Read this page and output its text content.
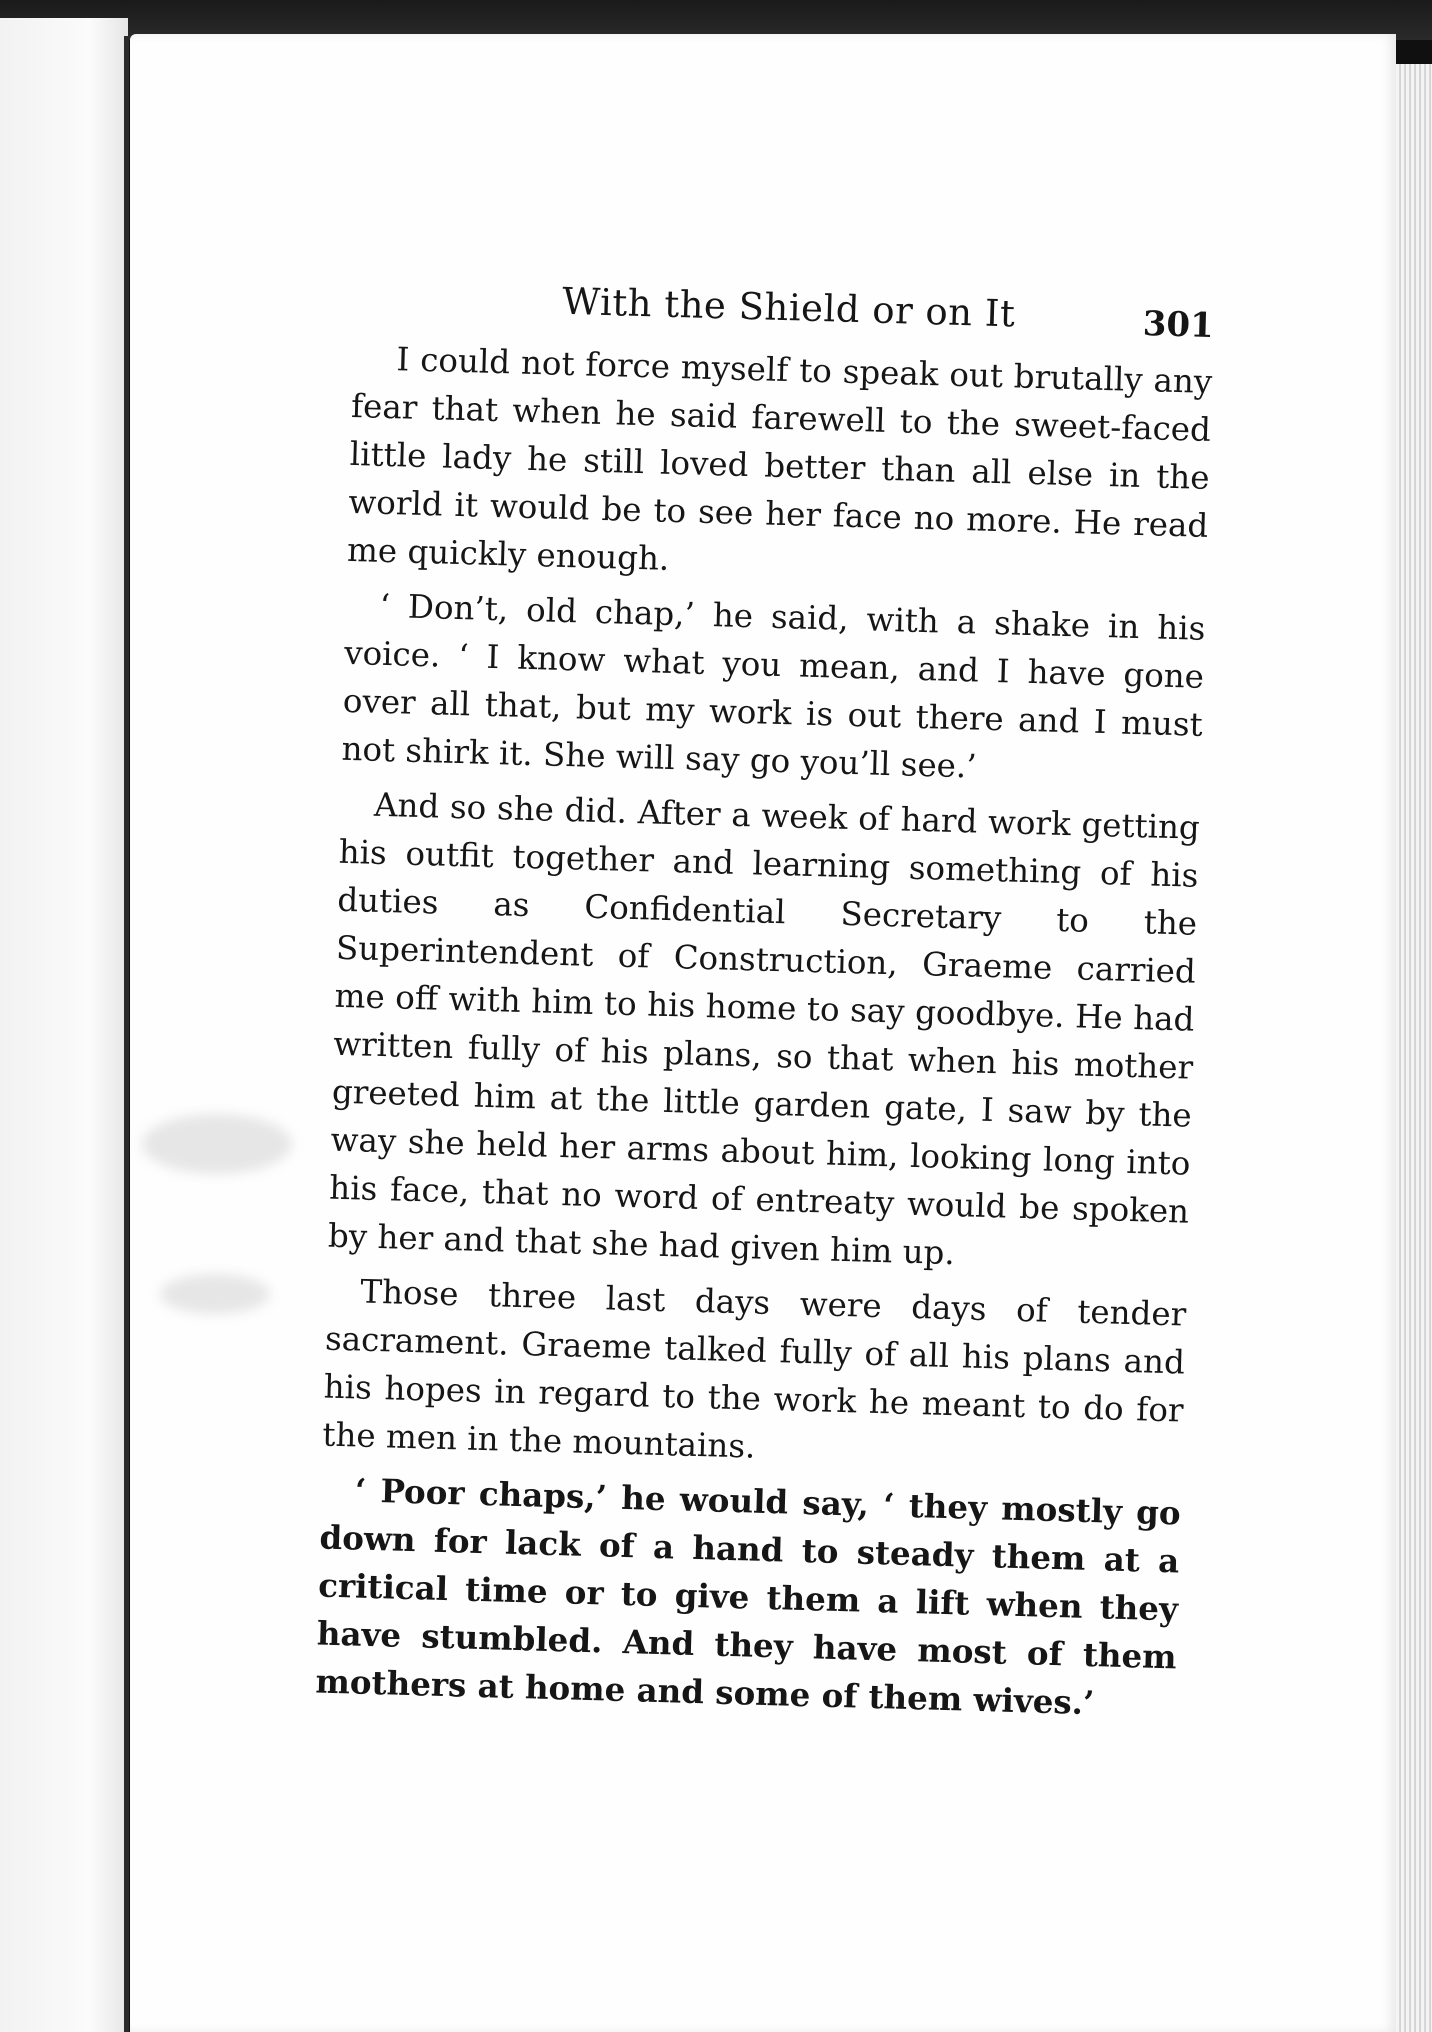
With the Shield or on It	301

I could not force myself to speak out brutally any fear that when he said farewell to the sweet-faced little lady he still loved better than all else in the world it would be to see her face no more. He read me quickly enough.

‘ Don’t, old chap,’ he said, with a shake in his voice. ‘ I know what you mean, and I have gone over all that, but my work is out there and I must not shirk it. She will say go you’ll see.’

And so she did. After a week of hard work getting his outfit together and learning something of his duties as Confidential Secretary to the Superintendent of Construction, Graeme carried me off with him to his home to say goodbye. He had written fully of his plans, so that when his mother greeted him at the little garden gate, I saw by the way she held her arms about him, looking long into his face, that no word of entreaty would be spoken by her and that she had given him up.

Those three last days were days of tender sacrament. Graeme talked fully of all his plans and his hopes in regard to the work he meant to do for the men in the mountains.

‘ Poor chaps,’ he would say, ‘ they mostly go down for lack of a hand to steady them at a critical time or to give them a lift when they have stumbled. And they have most of them mothers at home and some of them wives.’
